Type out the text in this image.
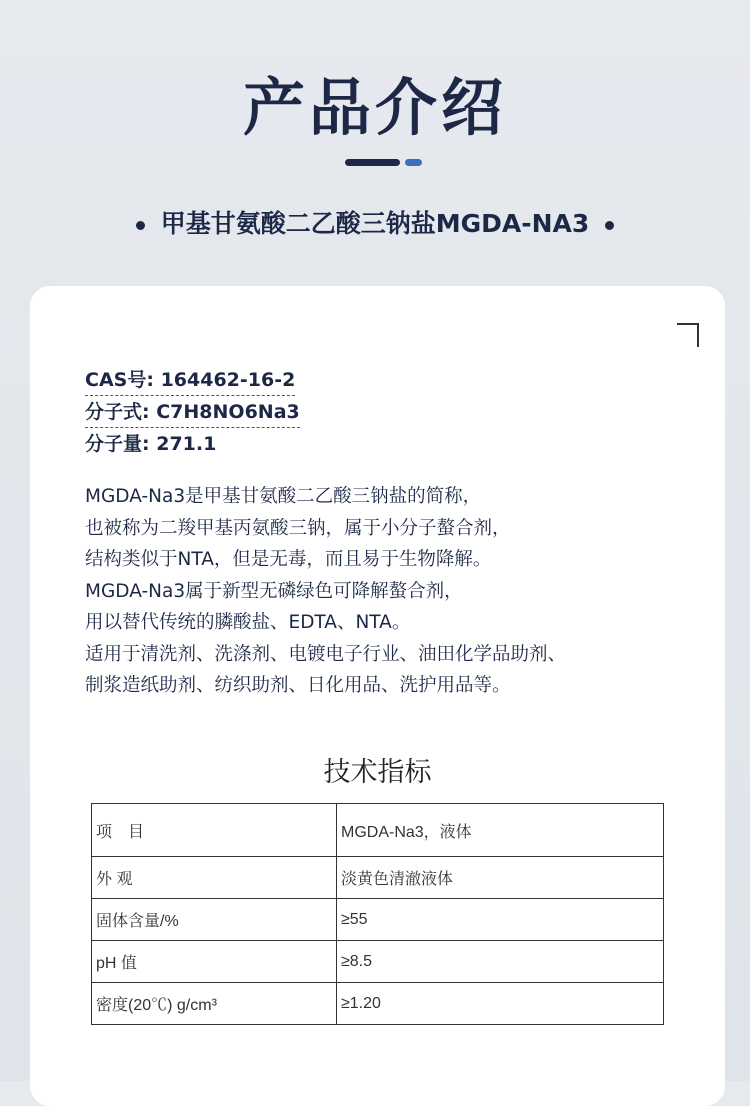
产品介绍
甲基甘氨酸二乙酸三钠盐MGDA-NA3
CAS号: 164462-16-2
分子式: C7H8NO6Na3
分子量: 271.1
MGDA-Na3是甲基甘氨酸二乙酸三钠盐的简称，
也被称为二羧甲基丙氨酸三钠，属于小分子螯合剂，
结构类似于NTA，但是无毒，而且易于生物降解。
MGDA-Na3属于新型无磷绿色可降解螯合剂，
用以替代传统的膦酸盐、EDTA、NTA。
适用于清洗剂、洗涤剂、电镀电子行业、油田化学品助剂、
制浆造纸助剂、纺织助剂、日化用品、洗护用品等。
技术指标
项　目	MGDA-Na3，液体
外 观	淡黄色清澈液体
固体含量/%	≥55
pH 值	≥8.5
密度(20℃) g/cm³	≥1.20
